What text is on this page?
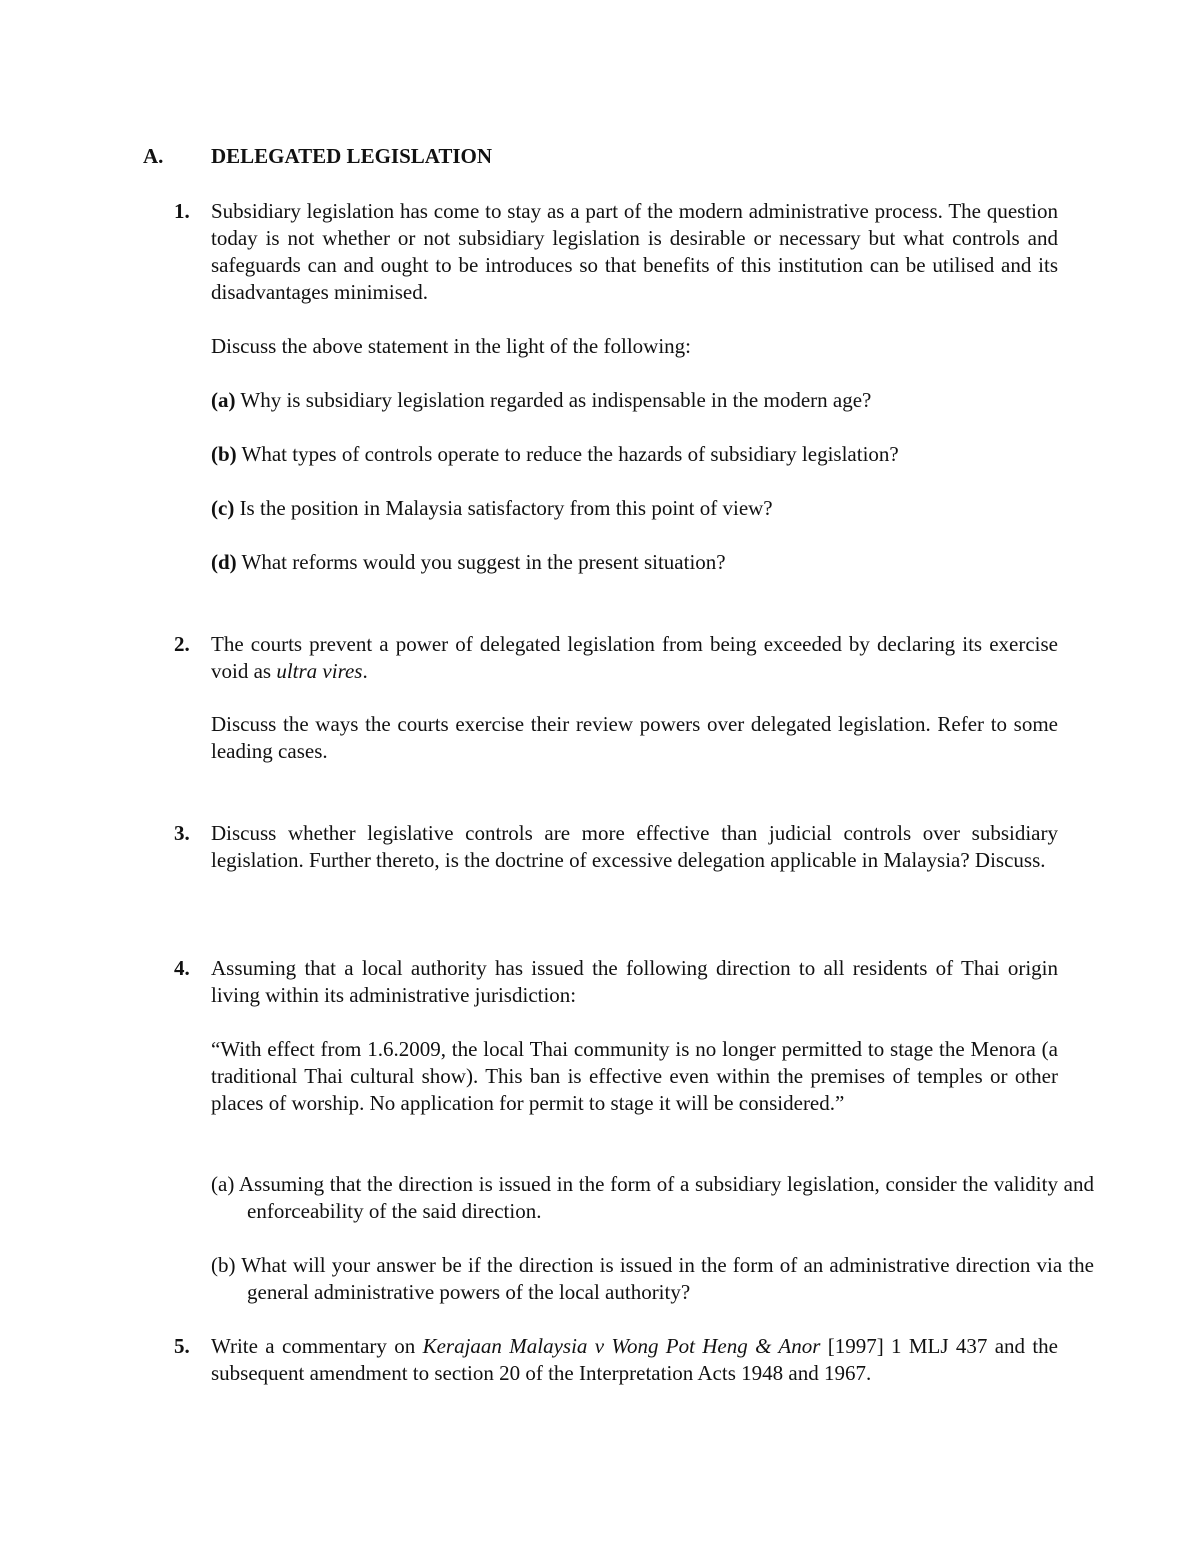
A. DELEGATED LEGISLATION
1. Subsidiary legislation has come to stay as a part of the modern administrative process. The question today is not whether or not subsidiary legislation is desirable or necessary but what controls and safeguards can and ought to be introduces so that benefits of this institution can be utilised and its disadvantages minimised.
Discuss the above statement in the light of the following:
(a) Why is subsidiary legislation regarded as indispensable in the modern age?
(b) What types of controls operate to reduce the hazards of subsidiary legislation?
(c) Is the position in Malaysia satisfactory from this point of view?
(d) What reforms would you suggest in the present situation?
2. The courts prevent a power of delegated legislation from being exceeded by declaring its exercise void as ultra vires.
Discuss the ways the courts exercise their review powers over delegated legislation. Refer to some leading cases.
3. Discuss whether legislative controls are more effective than judicial controls over subsidiary legislation. Further thereto, is the doctrine of excessive delegation applicable in Malaysia? Discuss.
4. Assuming that a local authority has issued the following direction to all residents of Thai origin living within its administrative jurisdiction:
“With effect from 1.6.2009, the local Thai community is no longer permitted to stage the Menora (a traditional Thai cultural show). This ban is effective even within the premises of temples or other places of worship. No application for permit to stage it will be considered.”
(a) Assuming that the direction is issued in the form of a subsidiary legislation, consider the validity and enforceability of the said direction.
(b) What will your answer be if the direction is issued in the form of an administrative direction via the general administrative powers of the local authority?
5. Write a commentary on Kerajaan Malaysia v Wong Pot Heng & Anor [1997] 1 MLJ 437 and the subsequent amendment to section 20 of the Interpretation Acts 1948 and 1967.
